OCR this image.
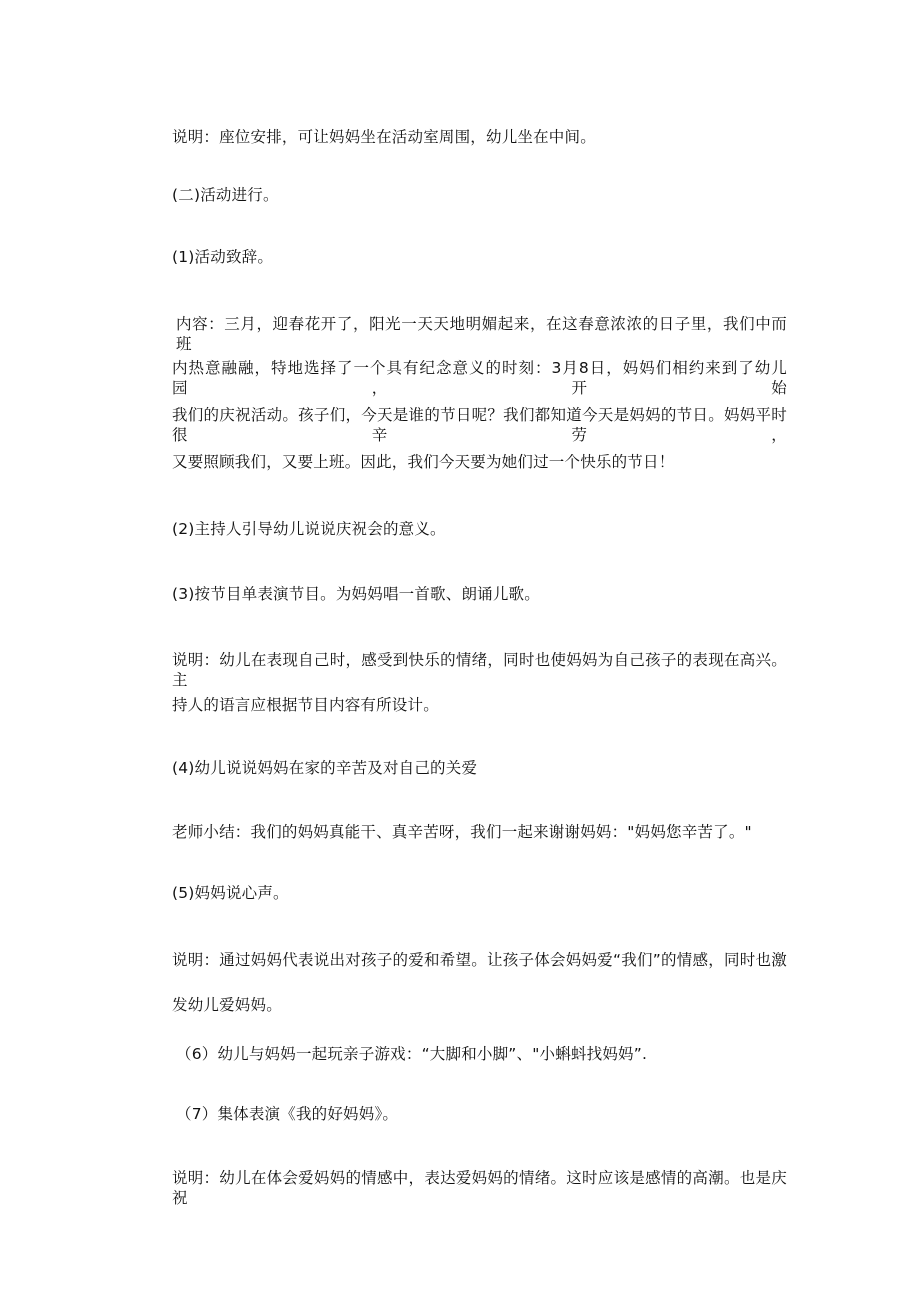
说明：座位安排，可让妈妈坐在活动室周围，幼儿坐在中间。
(二)活动进行。
(1)活动致辞。
内容：三月，迎春花开了，阳光一天天地明媚起来，在这春意浓浓的日子里，我们中而班
内热意融融，特地选择了一个具有纪念意义的时刻：3月8日，妈妈们相约来到了幼儿园，开始
我们的庆祝活动。孩子们，今天是谁的节日呢？我们都知道今天是妈妈的节日。妈妈平时很辛劳，
又要照顾我们，又要上班。因此，我们今天要为她们过一个快乐的节日！
(2)主持人引导幼儿说说庆祝会的意义。
(3)按节目单表演节目。为妈妈唱一首歌、朗诵儿歌。
说明：幼儿在表现自己时，感受到快乐的情绪，同时也使妈妈为自己孩子的表现在高兴。主
持人的语言应根据节目内容有所设计。
(4)幼儿说说妈妈在家的辛苦及对自己的关爱
老师小结：我们的妈妈真能干、真辛苦呀，我们一起来谢谢妈妈："妈妈您辛苦了。"
(5)妈妈说心声。
说明：通过妈妈代表说出对孩子的爱和希望。让孩子体会妈妈爱“我们”的情感，同时也激
发幼儿爱妈妈。
（6）幼儿与妈妈一起玩亲子游戏：“大脚和小脚”、"小蝌蚪找妈妈”.
（7）集体表演《我的好妈妈》。
说明：幼儿在体会爱妈妈的情感中，表达爱妈妈的情绪。这时应该是感情的高潮。也是庆祝
